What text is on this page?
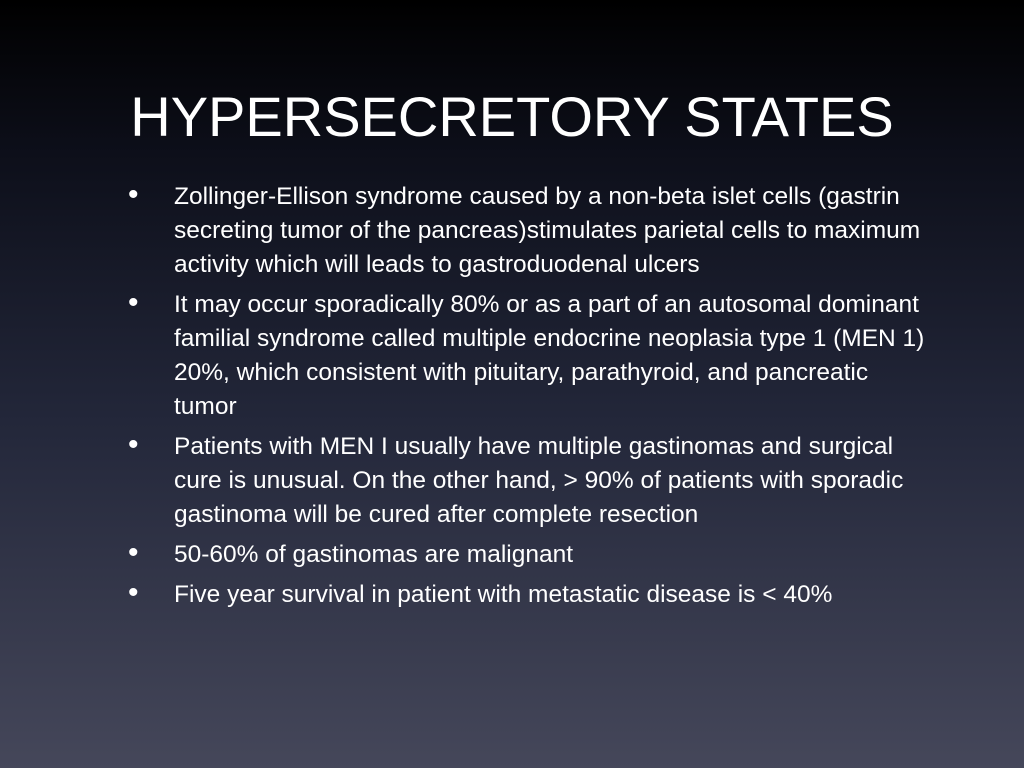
HYPERSECRETORY STATES
• Zollinger-Ellison syndrome caused by a non-beta islet cells (gastrin secreting tumor of the pancreas)stimulates parietal cells to maximum activity which will leads to gastroduodenal ulcers
• It may occur sporadically 80% or as a part of an autosomal dominant familial syndrome called multiple endocrine neoplasia type 1 (MEN 1) 20%, which consistent with pituitary, parathyroid, and pancreatic tumor
• Patients with MEN I usually have multiple gastinomas and surgical cure is unusual. On the other hand, > 90% of patients with sporadic gastinoma will be cured after complete resection
• 50-60% of gastinomas are malignant
• Five year survival in patient with metastatic disease is < 40%
